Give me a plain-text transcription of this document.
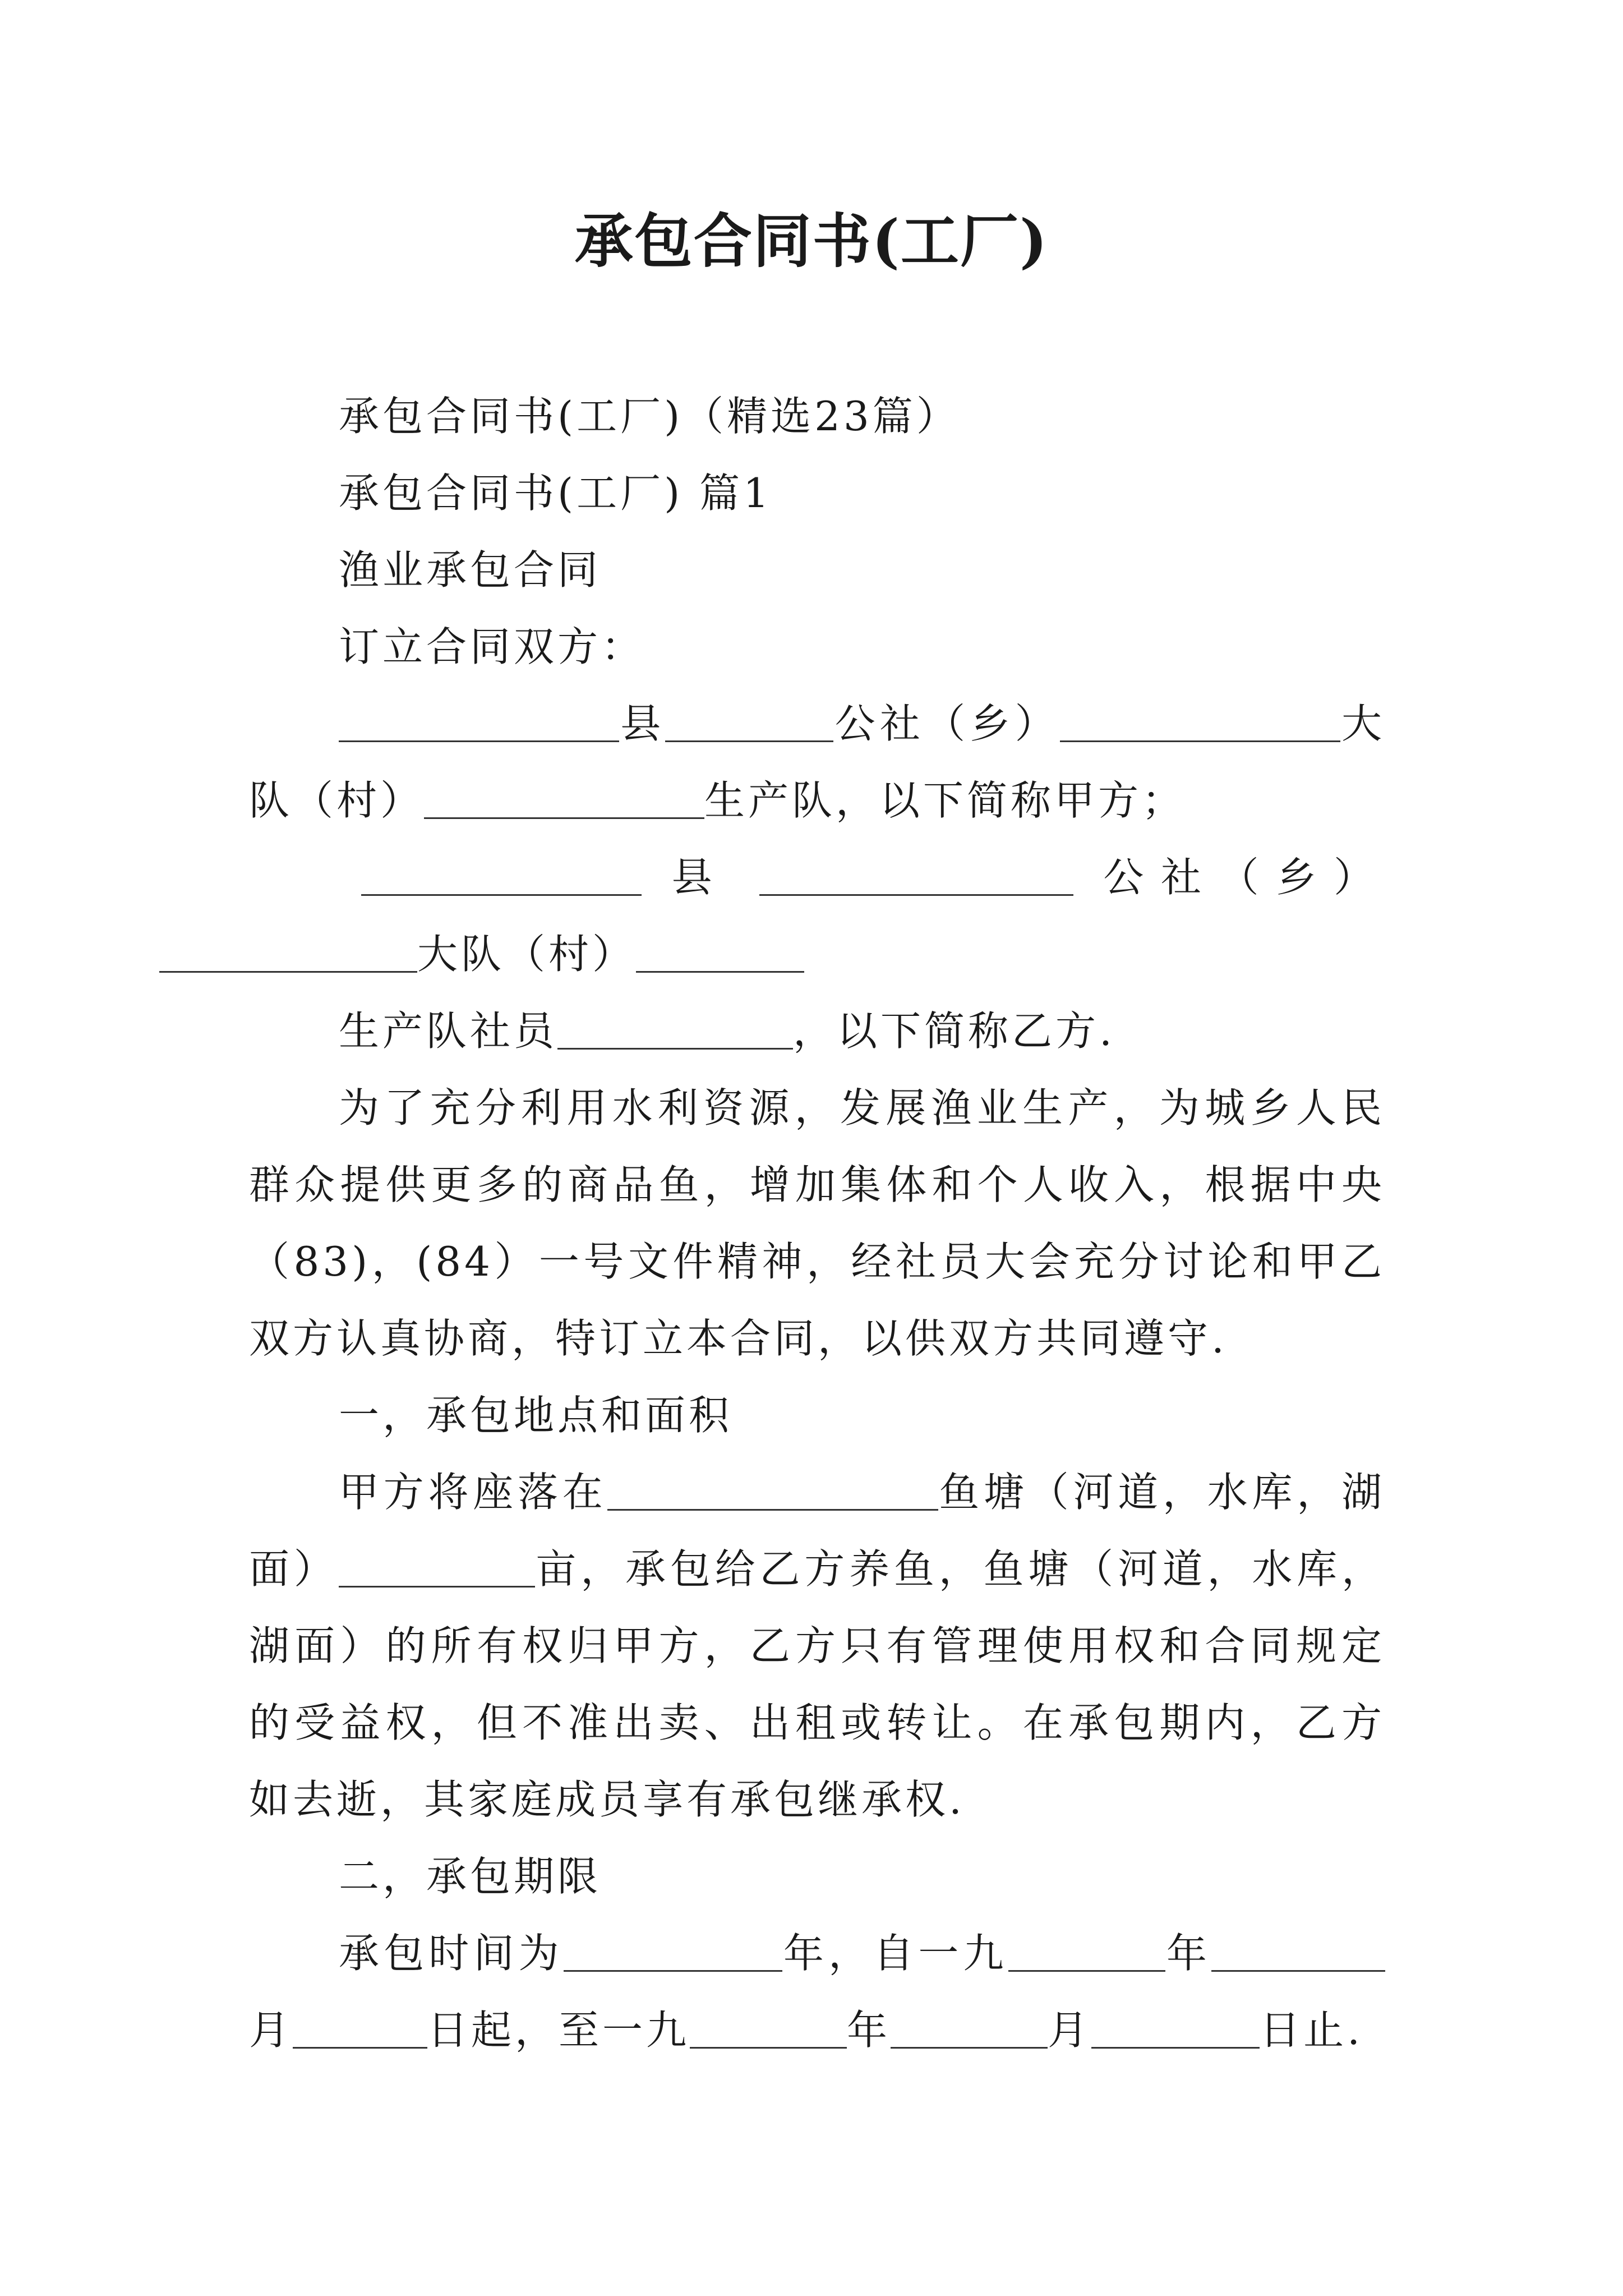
承包合同书(工厂)

承包合同书(工厂)（精选23篇）

承包合同书(工厂) 篇1

渔业承包合同

订立合同双方：

县	公社（乡）	大队（村）	生产队，以下简称甲方；

县	公社（乡）

大队（村）

生产队社员	，以下简称乙方.

为了充分利用水利资源，发展渔业生产，为城乡人民群众提供更多的商品鱼，增加集体和个人收入，根据中央（83)，(84）一号文件精神，经社员大会充分讨论和甲乙双方认真协商，特订立本合同，以供双方共同遵守.

一，承包地点和面积

甲方将座落在	鱼塘（河道，水库，湖面）	亩，承包给乙方养鱼，鱼塘（河道，水库，湖面）的所有权归甲方，乙方只有管理使用权和合同规定的受益权，但不准出卖、出租或转让。在承包期内，乙方如去逝，其家庭成员享有承包继承权.

二，承包期限

承包时间为	年，自一九	年月	日起，至一九	年	月	日止.
